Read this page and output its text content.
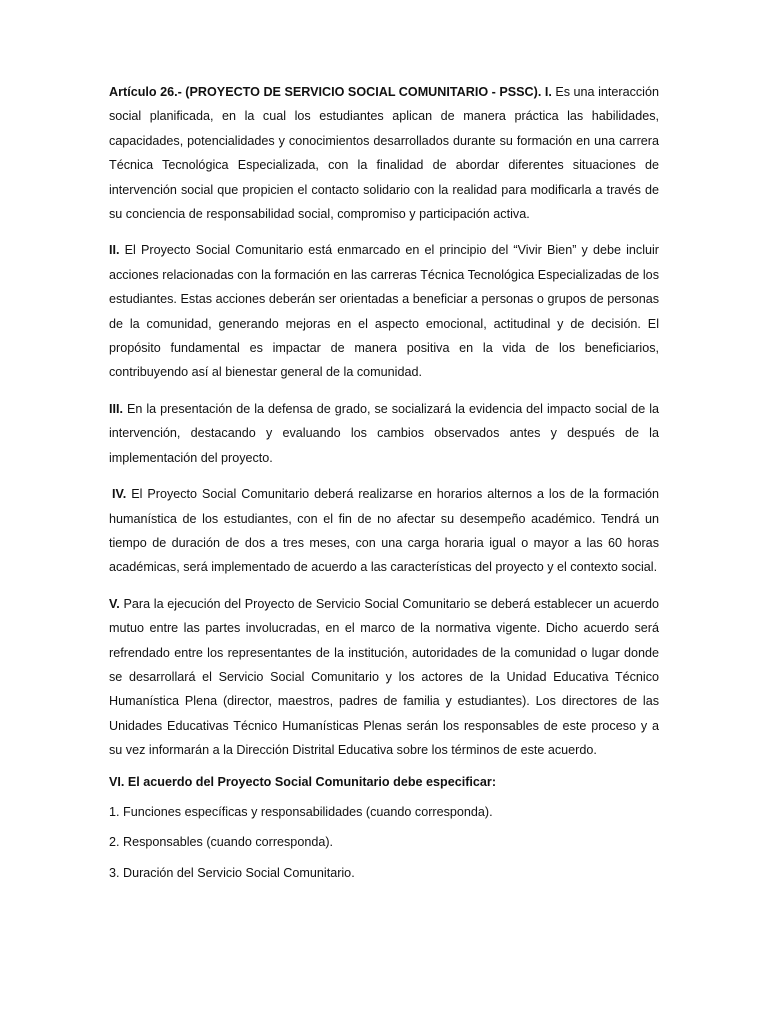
Artículo 26.- (PROYECTO DE SERVICIO SOCIAL COMUNITARIO - PSSC). I. Es una interacción social planificada, en la cual los estudiantes aplican de manera práctica las habilidades, capacidades, potencialidades y conocimientos desarrollados durante su formación en una carrera Técnica Tecnológica Especializada, con la finalidad de abordar diferentes situaciones de intervención social que propicien el contacto solidario con la realidad para modificarla a través de su conciencia de responsabilidad social, compromiso y participación activa.

II. El Proyecto Social Comunitario está enmarcado en el principio del “Vivir Bien” y debe incluir acciones relacionadas con la formación en las carreras Técnica Tecnológica Especializadas de los estudiantes. Estas acciones deberán ser orientadas a beneficiar a personas o grupos de personas de la comunidad, generando mejoras en el aspecto emocional, actitudinal y de decisión. El propósito fundamental es impactar de manera positiva en la vida de los beneficiarios, contribuyendo así al bienestar general de la comunidad.

III. En la presentación de la defensa de grado, se socializará la evidencia del impacto social de la intervención, destacando y evaluando los cambios observados antes y después de la implementación del proyecto.

IV. El Proyecto Social Comunitario deberá realizarse en horarios alternos a los de la formación humanística de los estudiantes, con el fin de no afectar su desempeño académico. Tendrá un tiempo de duración de dos a tres meses, con una carga horaria igual o mayor a las 60 horas académicas, será implementado de acuerdo a las características del proyecto y el contexto social.

V. Para la ejecución del Proyecto de Servicio Social Comunitario se deberá establecer un acuerdo mutuo entre las partes involucradas, en el marco de la normativa vigente. Dicho acuerdo será refrendado entre los representantes de la institución, autoridades de la comunidad o lugar donde se desarrollará el Servicio Social Comunitario y los actores de la Unidad Educativa Técnico Humanística Plena (director, maestros, padres de familia y estudiantes). Los directores de las Unidades Educativas Técnico Humanísticas Plenas serán los responsables de este proceso y a su vez informarán a la Dirección Distrital Educativa sobre los términos de este acuerdo.

VI. El acuerdo del Proyecto Social Comunitario debe especificar:

1. Funciones específicas y responsabilidades (cuando corresponda).

2. Responsables (cuando corresponda).

3. Duración del Servicio Social Comunitario.
